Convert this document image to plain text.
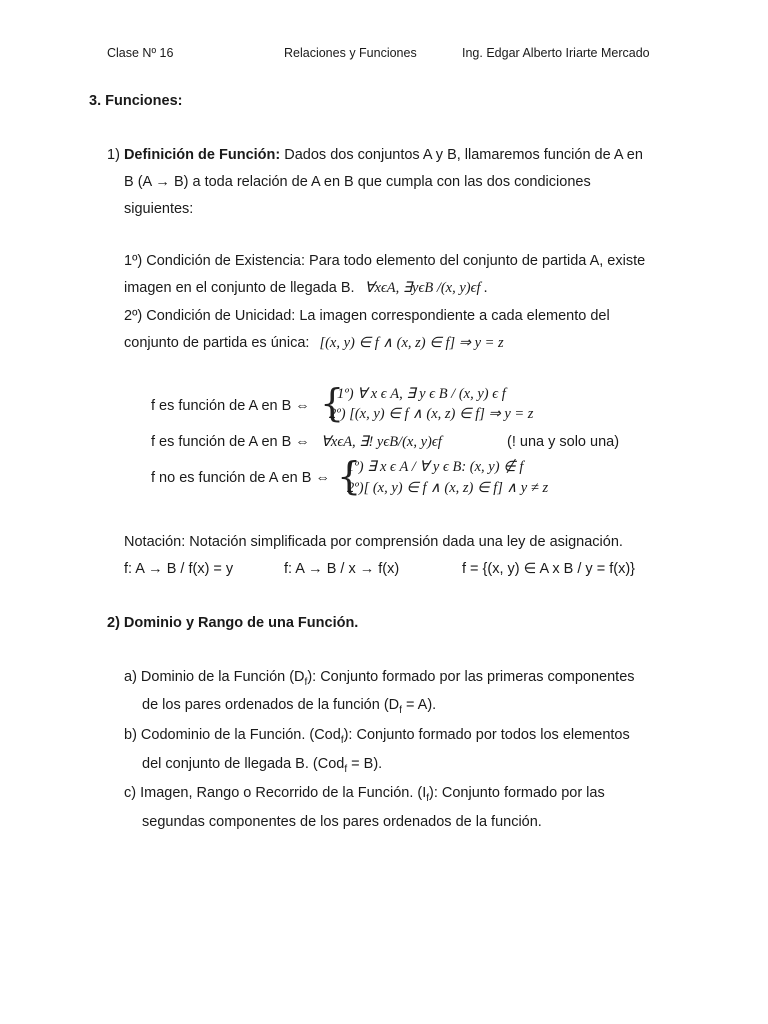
Clase Nº 16	Relaciones y Funciones	Ing. Edgar Alberto Iriarte Mercado
3. Funciones:
1) Definición de Función: Dados dos conjuntos A y B, llamaremos función de A en
B (A → B) a toda relación de A en B que cumpla con las dos condiciones
siguientes:
1º) Condición de Existencia: Para todo elemento del conjunto de partida A, existe
imagen en el conjunto de llegada B. ∀xϵA, ∃yϵB /(x, y)ϵf .
2º) Condición de Unicidad: La imagen correspondiente a cada elemento del
conjunto de partida es única: [(x, y) ∈ f ∧ (x, z) ∈ f] ⇒ y = z
f es función de A en B ⇔ {
1º) ∀ x ϵ A, ∃ y ϵ B / (x, y) ϵ f
2º) [(x, y) ∈ f ∧ (x, z) ∈ f] ⇒ y = z
f es función de A en B ⇔ ∀xϵA, ∃! yϵB/(x, y)ϵf	(! una y solo una)
f no es función de A en B ⇔ {
1º) ∃ x ϵ A / ∀ y ϵ B: (x, y) ∉ f
2º)[ (x, y) ∈ f ∧ (x, z) ∈ f] ∧ y ≠ z
Notación: Notación simplificada por comprensión dada una ley de asignación.
f: A → B / f(x) = y	f: A → B / x → f(x)	f = {(x, y) ∈ A x B / y = f(x)}
2) Dominio y Rango de una Función.
a) Dominio de la Función $(D_f)$: Conjunto formado por las primeras componentes
de los pares ordenados de la función $(D_f = A)$.
b) Codominio de la Función. (Cod$_f$): Conjunto formado por todos los elementos
del conjunto de llegada B. (Cod$_f$ = B).
c) Imagen, Rango o Recorrido de la Función. $(I_f)$: Conjunto formado por las
segundas componentes de los pares ordenados de la función.
